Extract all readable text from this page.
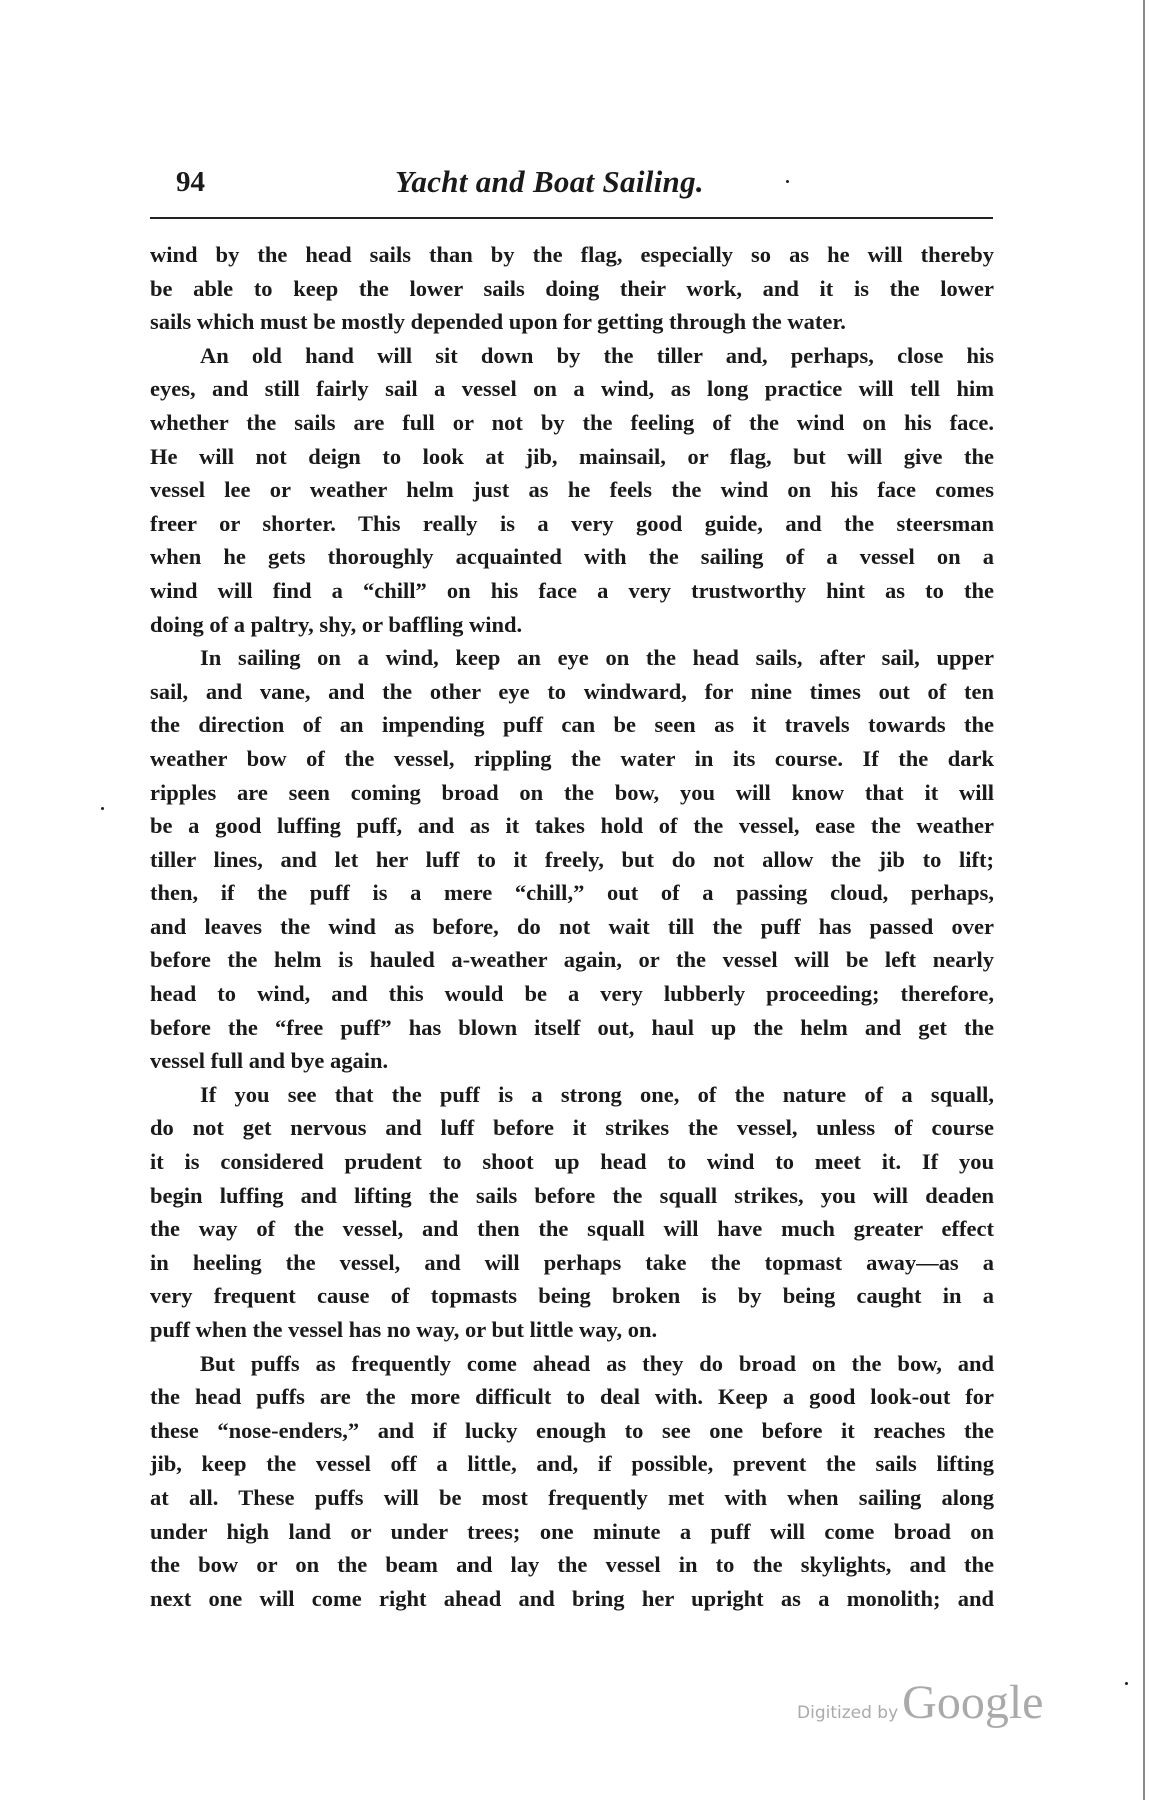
94	Yacht and Boat Sailing.
wind by the head sails than by the flag, especially so as he will thereby
be able to keep the lower sails doing their work, and it is the lower
sails which must be mostly depended upon for getting through the water.
An old hand will sit down by the tiller and, perhaps, close his
eyes, and still fairly sail a vessel on a wind, as long practice will tell him
whether the sails are full or not by the feeling of the wind on his face.
He will not deign to look at jib, mainsail, or flag, but will give the
vessel lee or weather helm just as he feels the wind on his face comes
freer or shorter. This really is a very good guide, and the steersman
when he gets thoroughly acquainted with the sailing of a vessel on a
wind will find a “chill” on his face a very trustworthy hint as to the
doing of a paltry, shy, or baffling wind.
In sailing on a wind, keep an eye on the head sails, after sail, upper
sail, and vane, and the other eye to windward, for nine times out of ten
the direction of an impending puff can be seen as it travels towards the
weather bow of the vessel, rippling the water in its course. If the dark
ripples are seen coming broad on the bow, you will know that it will
be a good luffing puff, and as it takes hold of the vessel, ease the weather
tiller lines, and let her luff to it freely, but do not allow the jib to lift;
then, if the puff is a mere “chill,” out of a passing cloud, perhaps,
and leaves the wind as before, do not wait till the puff has passed over
before the helm is hauled a-weather again, or the vessel will be left nearly
head to wind, and this would be a very lubberly proceeding; therefore,
before the “free puff” has blown itself out, haul up the helm and get the
vessel full and bye again.
If you see that the puff is a strong one, of the nature of a squall,
do not get nervous and luff before it strikes the vessel, unless of course
it is considered prudent to shoot up head to wind to meet it. If you
begin luffing and lifting the sails before the squall strikes, you will deaden
the way of the vessel, and then the squall will have much greater effect
in heeling the vessel, and will perhaps take the topmast away—as a
very frequent cause of topmasts being broken is by being caught in a
puff when the vessel has no way, or but little way, on.
But puffs as frequently come ahead as they do broad on the bow, and
the head puffs are the more difficult to deal with. Keep a good look-out for
these “nose-enders,” and if lucky enough to see one before it reaches the
jib, keep the vessel off a little, and, if possible, prevent the sails lifting
at all. These puffs will be most frequently met with when sailing along
under high land or under trees; one minute a puff will come broad on
the bow or on the beam and lay the vessel in to the skylights, and the
next one will come right ahead and bring her upright as a monolith; and
Digitized by Google
